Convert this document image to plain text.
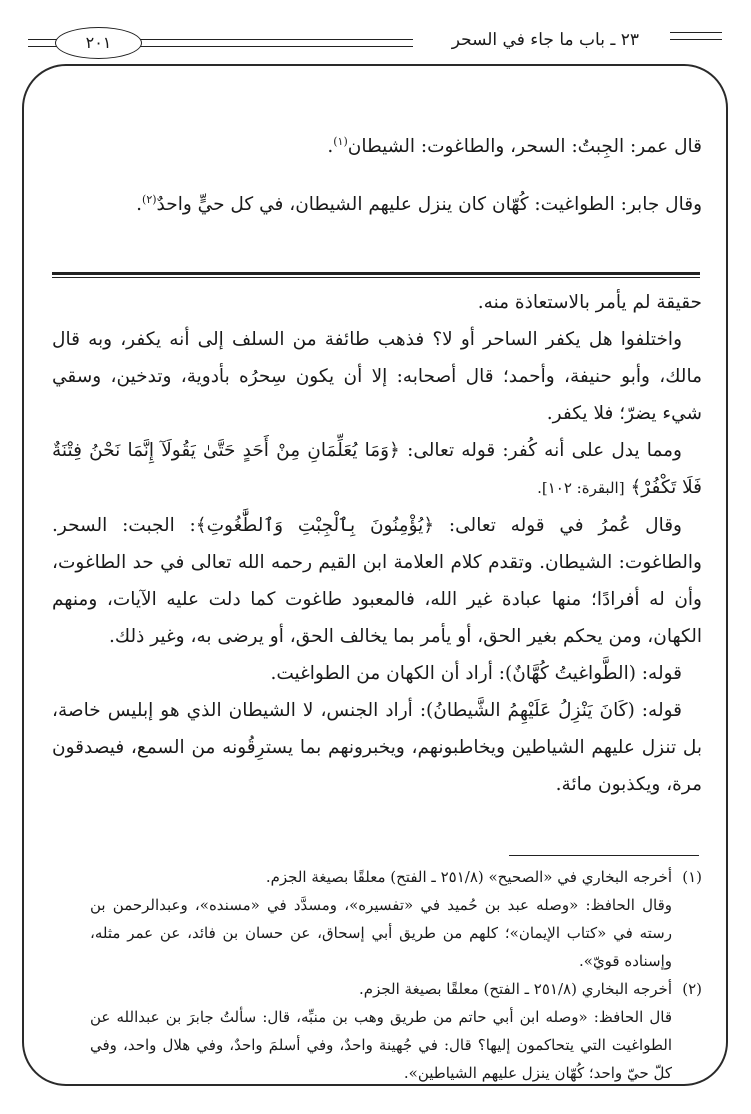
٢٣ ـ باب ما جاء في السحر
٢٠١

قال عمر: الجِبتُ: السحر، والطاغوت: الشيطان$^{(١)}$.

وقال جابر: الطواغيت: كُهّان كان ينزل عليهم الشيطان، في كل حيٍّ واحدٌ$^{(٢)}$.

حقيقة لم يأمر بالاستعاذة منه.

واختلفوا هل يكفر الساحر أو لا؟ فذهب طائفة من السلف إلى أنه يكفر، وبه قال مالك، وأبو حنيفة، وأحمد؛ قال أصحابه: إلا أن يكون سِحرُه بأدوية، وتدخين، وسقي شيء يضرّ؛ فلا يكفر.

ومما يدل على أنه كُفر: قوله تعالى: ﴿وَمَا يُعَلِّمَانِ مِنْ أَحَدٍ حَتَّىٰ يَقُولَآ إِنَّمَا نَحْنُ فِتْنَةٌ فَلَا تَكْفُرْ﴾ [البقرة: ١٠٢].

وقال عُمرُ في قوله تعالى: ﴿يُؤْمِنُونَ بِٱلْجِبْتِ وَٱلطَّٰغُوتِ﴾: الجبت: السحر. والطاغوت: الشيطان. وتقدم كلام العلامة ابن القيم رحمه الله تعالى في حد الطاغوت، وأن له أفرادًا؛ منها عبادة غير الله، فالمعبود طاغوت كما دلت عليه الآيات، ومنهم الكهان، ومن يحكم بغير الحق، أو يأمر بما يخالف الحق، أو يرضى به، وغير ذلك.

قوله: (الطَّواغيتُ كُهَّانٌ): أراد أن الكهان من الطواغيت.

قوله: (كَانَ يَنْزِلُ عَلَيْهِمُ الشَّيطانُ): أراد الجنس، لا الشيطان الذي هو إبليس خاصة، بل تنزل عليهم الشياطين ويخاطبونهم، ويخبرونهم بما يسترِقُونه من السمع، فيصدقون مرة، ويكذبون مائة.

(١)

أخرجه البخاري في «الصحيح» (٢٥١/٨ ـ الفتح) معلقًا بصيغة الجزم.

وقال الحافظ: «وصله عبد بن حُميد في «تفسيره»، ومسدَّد في «مسنده»، وعبدالرحمن بن رسته في «كتاب الإيمان»؛ كلهم من طريق أبي إسحاق، عن حسان بن فائد، عن عمر مثله، وإسناده قويّ».

(٢)

أخرجه البخاري (٢٥١/٨ ـ الفتح) معلقًا بصيغة الجزم.

قال الحافظ: «وصله ابن أبي حاتم من طريق وهب بن منبِّه، قال: سألتُ جابرَ بن عبدالله عن الطواغيت التي يتحاكمون إليها؟ قال: في جُهينة واحدٌ، وفي أسلمَ واحدٌ، وفي هلال واحد، وفي كلّ حيّ واحد؛ كُهّان ينزل عليهم الشياطين».
